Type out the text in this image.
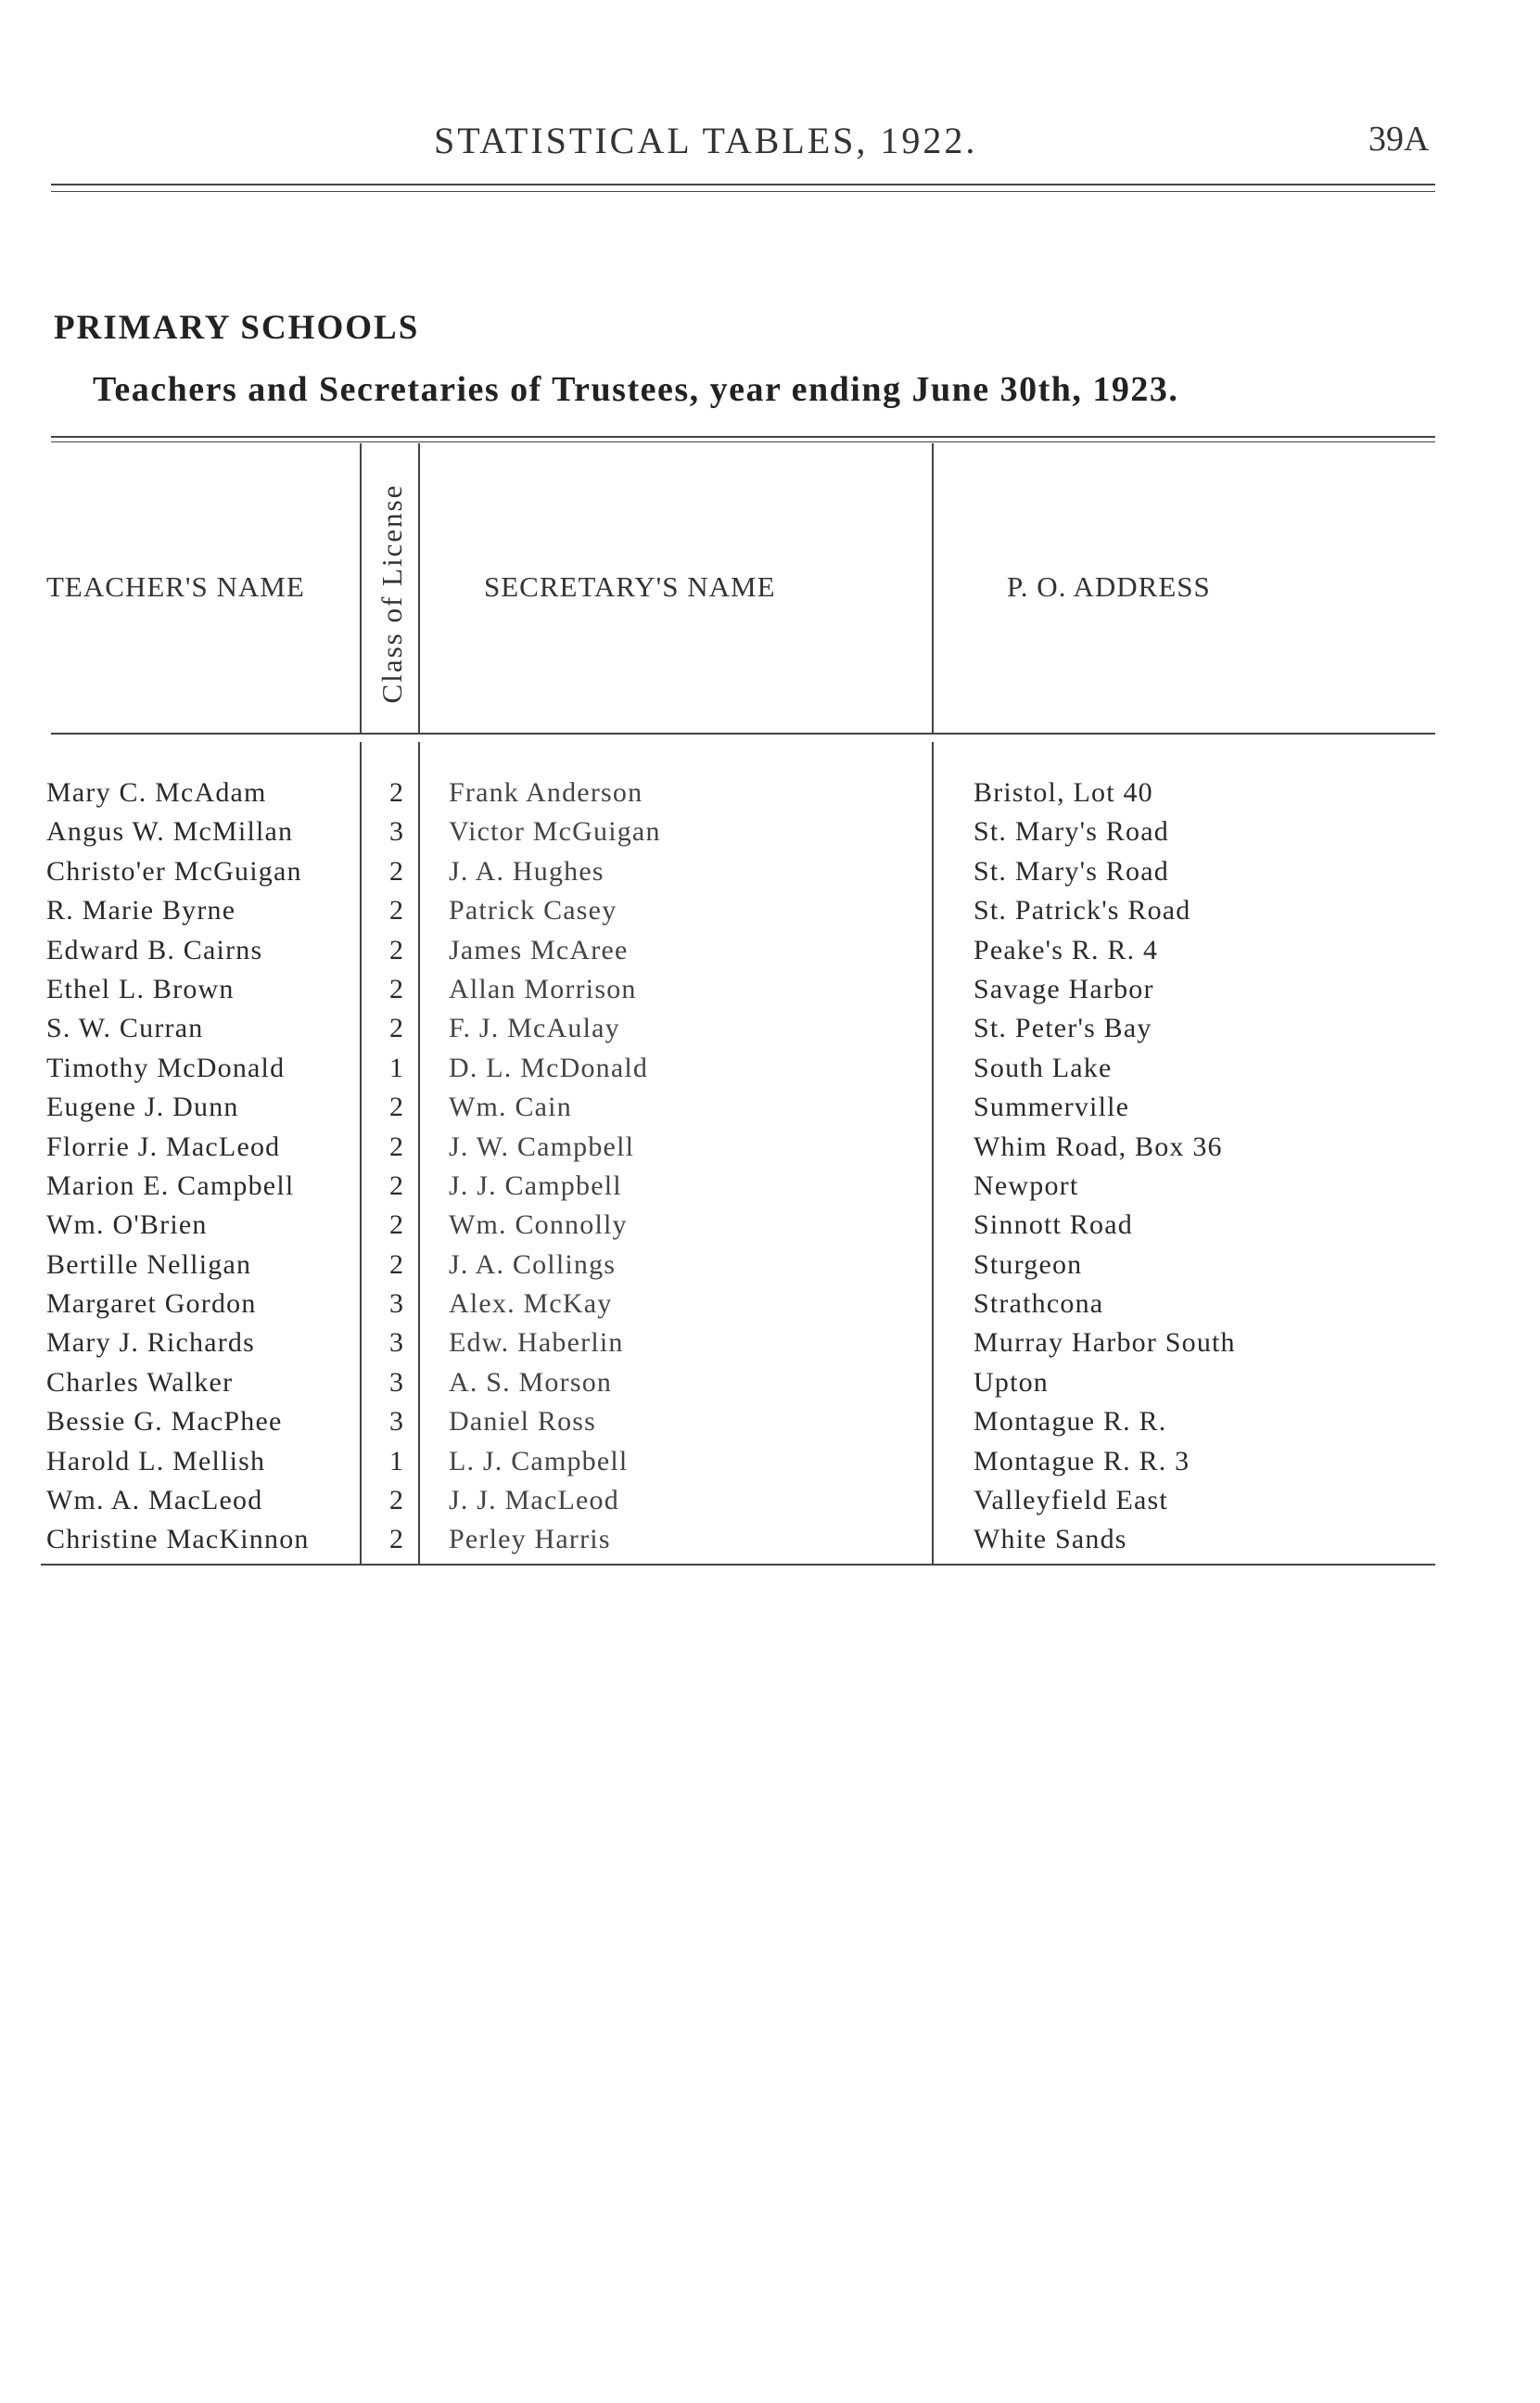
STATISTICAL TABLES, 1922.	39A
PRIMARY SCHOOLS
Teachers and Secretaries of Trustees, year ending June 30th, 1923.
TEACHER'S NAME Class of License	SECRETARY'S NAME	P. O. ADDRESS
Mary C. McAdam	2 Frank Anderson	Bristol, Lot 40
Angus W. McMillan	3 Victor McGuigan	St. Mary's Road
Christo'er McGuigan	2 J. A. Hughes	St. Mary's Road
R. Marie Byrne	2 Patrick Casey	St. Patrick's Road
Edward B. Cairns	2 James McAree	Peake's R. R. 4
Ethel L. Brown	2 Allan Morrison	Savage Harbor
S. W. Curran	2 F. J. McAulay	St. Peter's Bay
Timothy McDonald	1 D. L. McDonald	South Lake
Eugene J. Dunn	2 Wm. Cain	Summerville
Florrie J. MacLeod	2 J. W. Campbell	Whim Road, Box 36
Marion E. Campbell	2 J. J. Campbell	Newport
Wm. O'Brien	2 Wm. Connolly	Sinnott Road
Bertille Nelligan	2 J. A. Collings	Sturgeon
Margaret Gordon	3 Alex. McKay	Strathcona
Mary J. Richards	3 Edw. Haberlin	Murray Harbor South
Charles Walker	3 A. S. Morson	Upton
Bessie G. MacPhee	3 Daniel Ross	Montague R. R.
Harold L. Mellish	1 L. J. Campbell	Montague R. R. 3
Wm. A. MacLeod	2 J. J. MacLeod	Valleyfield East
Christine MacKinnon	2 Perley Harris	White Sands
